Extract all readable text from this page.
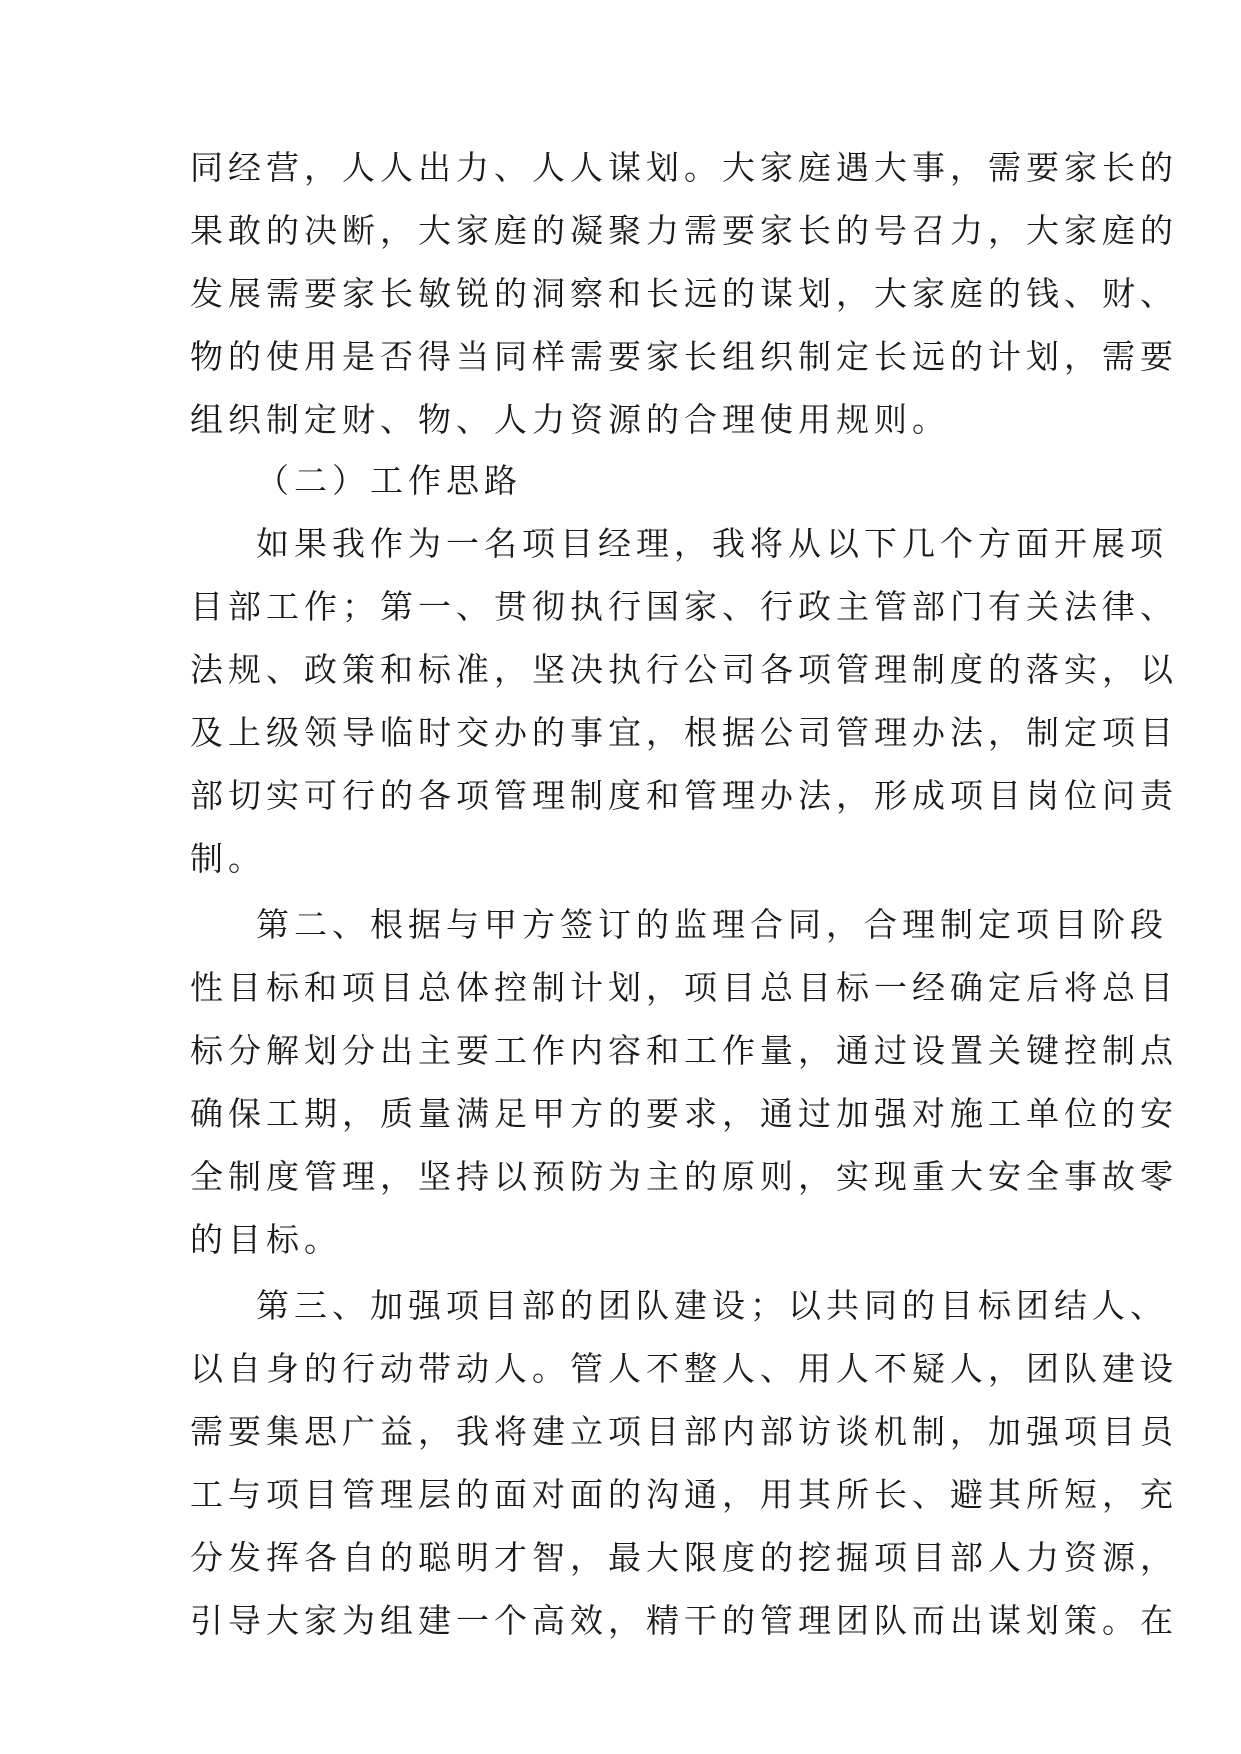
同经营，人人出力、人人谋划。大家庭遇大事，需要家长的
果敢的决断，大家庭的凝聚力需要家长的号召力，大家庭的
发展需要家长敏锐的洞察和长远的谋划，大家庭的钱、财、
物的使用是否得当同样需要家长组织制定长远的计划，需要
组织制定财、物、人力资源的合理使用规则。
（二）工作思路
如果我作为一名项目经理，我将从以下几个方面开展项
目部工作；第一、贯彻执行国家、行政主管部门有关法律、
法规、政策和标准，坚决执行公司各项管理制度的落实，以
及上级领导临时交办的事宜，根据公司管理办法，制定项目
部切实可行的各项管理制度和管理办法，形成项目岗位问责
制。
第二、根据与甲方签订的监理合同，合理制定项目阶段
性目标和项目总体控制计划，项目总目标一经确定后将总目
标分解划分出主要工作内容和工作量，通过设置关键控制点
确保工期，质量满足甲方的要求，通过加强对施工单位的安
全制度管理，坚持以预防为主的原则，实现重大安全事故零
的目标。
第三、加强项目部的团队建设；以共同的目标团结人、
以自身的行动带动人。管人不整人、用人不疑人，团队建设
需要集思广益，我将建立项目部内部访谈机制，加强项目员
工与项目管理层的面对面的沟通，用其所长、避其所短，充
分发挥各自的聪明才智，最大限度的挖掘项目部人力资源，
引导大家为组建一个高效，精干的管理团队而出谋划策。在
